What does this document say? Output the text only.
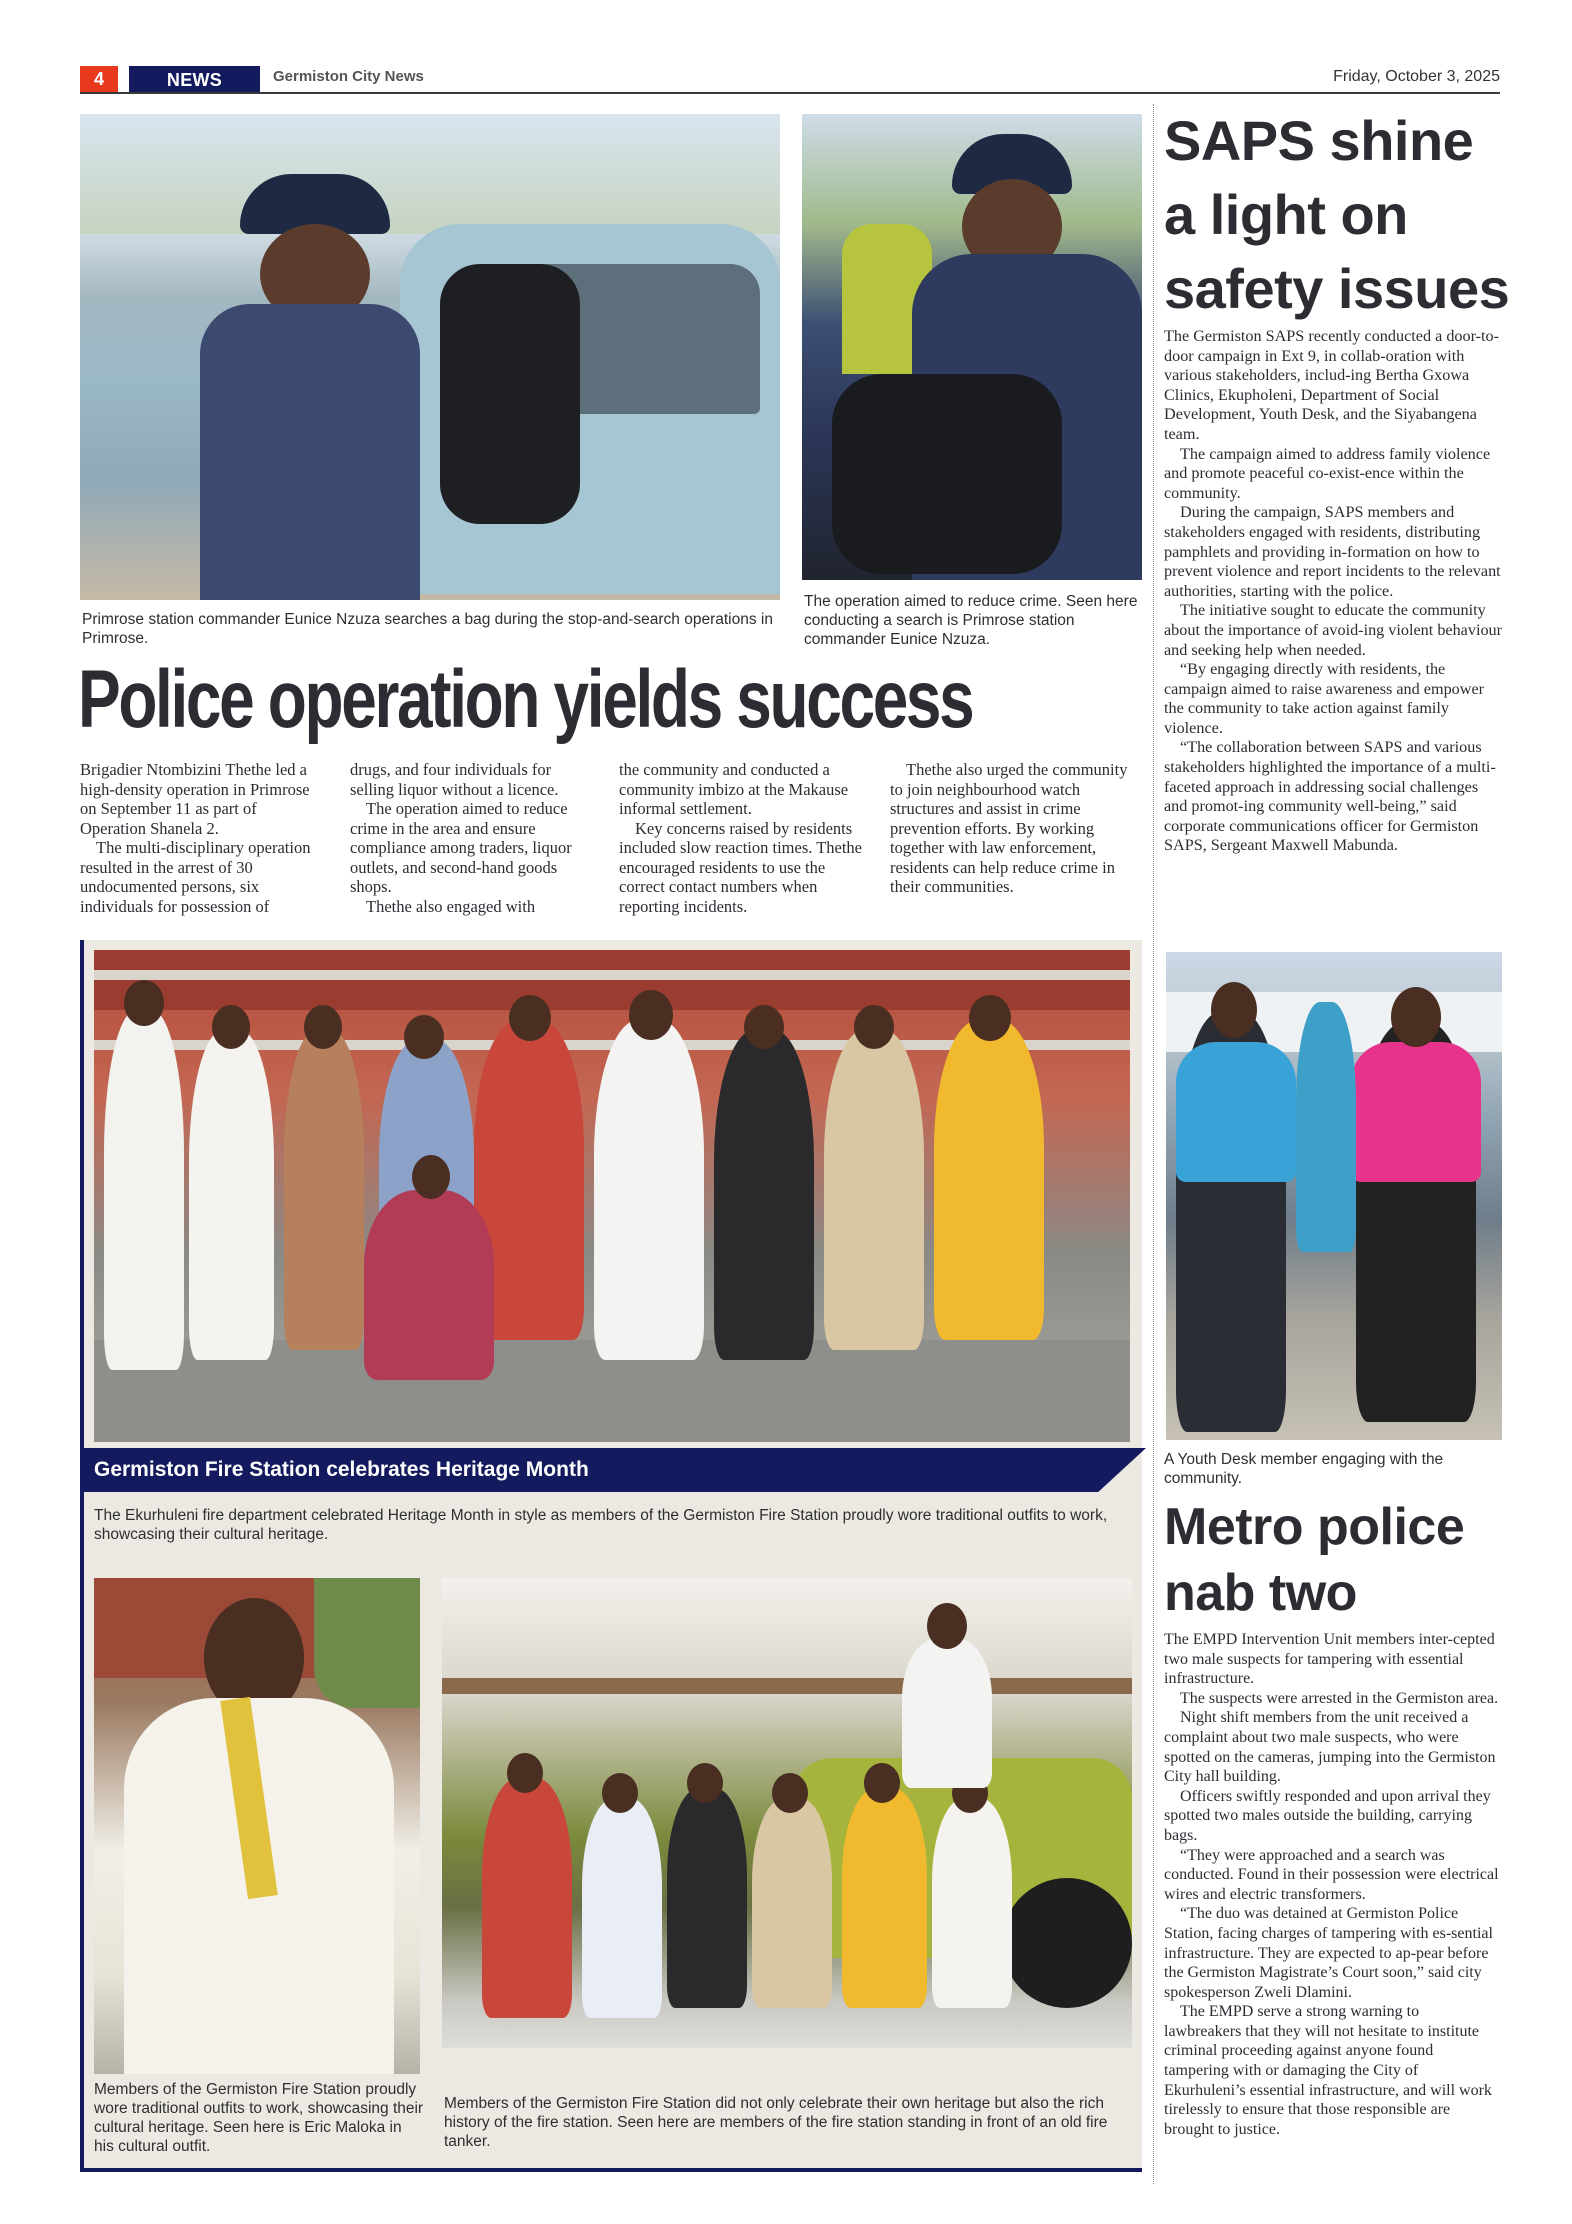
4	NEWS	Germiston City News	Friday, October 3, 2025
Primrose station commander Eunice Nzuza searches a bag during the stop-and-search operations in Primrose.
The operation aimed to reduce crime. Seen here conducting a search is Primrose station commander Eunice Nzuza.
Police operation yields success

Brigadier Ntombizini Thethe led a high-density operation in Primrose on September 11 as part of Operation Shanela 2.

The multi-disciplinary operation resulted in the arrest of 30 undocumented persons, six individuals for possession of

drugs, and four individuals for selling liquor without a licence.

The operation aimed to reduce crime in the area and ensure compliance among traders, liquor outlets, and second-hand goods shops.

Thethe also engaged with

the community and conducted a community imbizo at the Makause informal settlement.

Key concerns raised by residents included slow reaction times. Thethe encouraged residents to use the correct contact numbers when reporting incidents.

Thethe also urged the community to join neighbourhood watch structures and assist in crime prevention efforts. By working together with law enforcement, residents can help reduce crime in their communities.

Germiston Fire Station celebrates Heritage Month
The Ekurhuleni fire department celebrated Heritage Month in style as members of the Germiston Fire Station proudly wore traditional outfits to work, showcasing their cultural heritage.
Members of the Germiston Fire Station proudly wore traditional outfits to work, showcasing their cultural heritage. Seen here is Eric Maloka in his cultural outfit.
Members of the Germiston Fire Station did not only celebrate their own heritage but also the rich history of the fire station. Seen here are members of the fire station standing in front of an old fire tanker.
SAPS shine
a light on
safety issues

The Germiston SAPS recently conducted a door-to-door campaign in Ext 9, in collab-oration with various stakeholders, includ-ing Bertha Gxowa Clinics, Ekupholeni, Department of Social Development, Youth Desk, and the Siyabangena team.

The campaign aimed to address family violence and promote peaceful co-exist-ence within the community.

During the campaign, SAPS members and stakeholders engaged with residents, distributing pamphlets and providing in-formation on how to prevent violence and report incidents to the relevant authorities, starting with the police.

The initiative sought to educate the community about the importance of avoid-ing violent behaviour and seeking help when needed.

“By engaging directly with residents, the campaign aimed to raise awareness and empower the community to take action against family violence.

“The collaboration between SAPS and various stakeholders highlighted the importance of a multi-faceted approach in addressing social challenges and promot-ing community well-being,” said corporate communications officer for Germiston SAPS, Sergeant Maxwell Mabunda.

A Youth Desk member engaging with the community.
Metro police
nab two

The EMPD Intervention Unit members inter-cepted two male suspects for tampering with essential infrastructure.

The suspects were arrested in the Germiston area.

Night shift members from the unit received a complaint about two male suspects, who were spotted on the cameras, jumping into the Germiston City hall building.

Officers swiftly responded and upon arrival they spotted two males outside the building, carrying bags.

“They were approached and a search was conducted. Found in their possession were electrical wires and electric transformers.

“The duo was detained at Germiston Police Station, facing charges of tampering with es-sential infrastructure. They are expected to ap-pear before the Germiston Magistrate’s Court soon,” said city spokesperson Zweli Dlamini.

The EMPD serve a strong warning to lawbreakers that they will not hesitate to institute criminal proceeding against anyone found tampering with or damaging the City of Ekurhuleni’s essential infrastructure, and will work tirelessly to ensure that those responsible are brought to justice.
